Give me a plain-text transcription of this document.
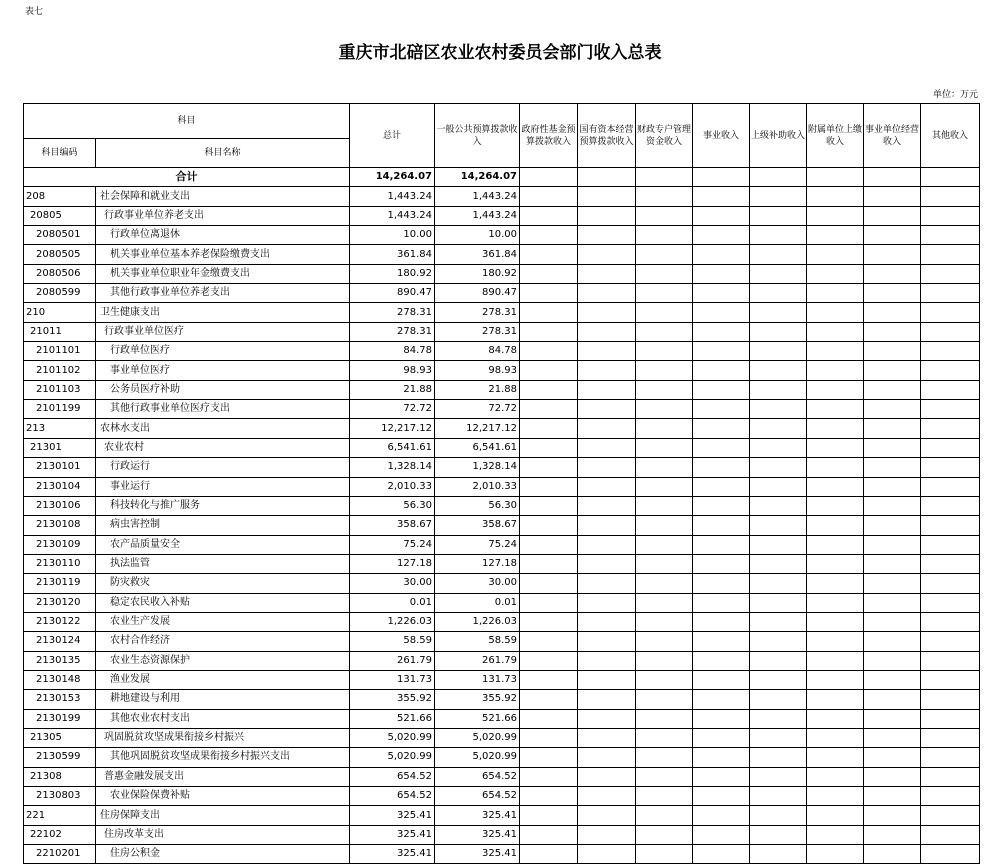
表七
重庆市北碚区农业农村委员会部门收入总表
单位：万元
科目		总计	一般公共预算拨款收入	政府性基金预算拨款收入	国有资本经营预算拨款收入	财政专户管理资金收入	事业收入	上级补助收入	附属单位上缴收入	事业单位经营收入	其他收入
科目编码	科目名称										
合计		14,264.07	14,264.07								
208	社会保障和就业支出	1,443.24	1,443.24								
20805	行政事业单位养老支出	1,443.24	1,443.24								
2080501	行政单位离退休	10.00	10.00								
2080505	机关事业单位基本养老保险缴费支出	361.84	361.84								
2080506	机关事业单位职业年金缴费支出	180.92	180.92								
2080599	其他行政事业单位养老支出	890.47	890.47								
210	卫生健康支出	278.31	278.31								
21011	行政事业单位医疗	278.31	278.31								
2101101	行政单位医疗	84.78	84.78								
2101102	事业单位医疗	98.93	98.93								
2101103	公务员医疗补助	21.88	21.88								
2101199	其他行政事业单位医疗支出	72.72	72.72								
213	农林水支出	12,217.12	12,217.12								
21301	农业农村	6,541.61	6,541.61								
2130101	行政运行	1,328.14	1,328.14								
2130104	事业运行	2,010.33	2,010.33								
2130106	科技转化与推广服务	56.30	56.30								
2130108	病虫害控制	358.67	358.67								
2130109	农产品质量安全	75.24	75.24								
2130110	执法监管	127.18	127.18								
2130119	防灾救灾	30.00	30.00								
2130120	稳定农民收入补贴	0.01	0.01								
2130122	农业生产发展	1,226.03	1,226.03								
2130124	农村合作经济	58.59	58.59								
2130135	农业生态资源保护	261.79	261.79								
2130148	渔业发展	131.73	131.73								
2130153	耕地建设与利用	355.92	355.92								
2130199	其他农业农村支出	521.66	521.66								
21305	巩固脱贫攻坚成果衔接乡村振兴	5,020.99	5,020.99								
2130599	其他巩固脱贫攻坚成果衔接乡村振兴支出	5,020.99	5,020.99								
21308	普惠金融发展支出	654.52	654.52								
2130803	农业保险保费补贴	654.52	654.52								
221	住房保障支出	325.41	325.41								
22102	住房改革支出	325.41	325.41								
2210201	住房公积金	325.41	325.41								
